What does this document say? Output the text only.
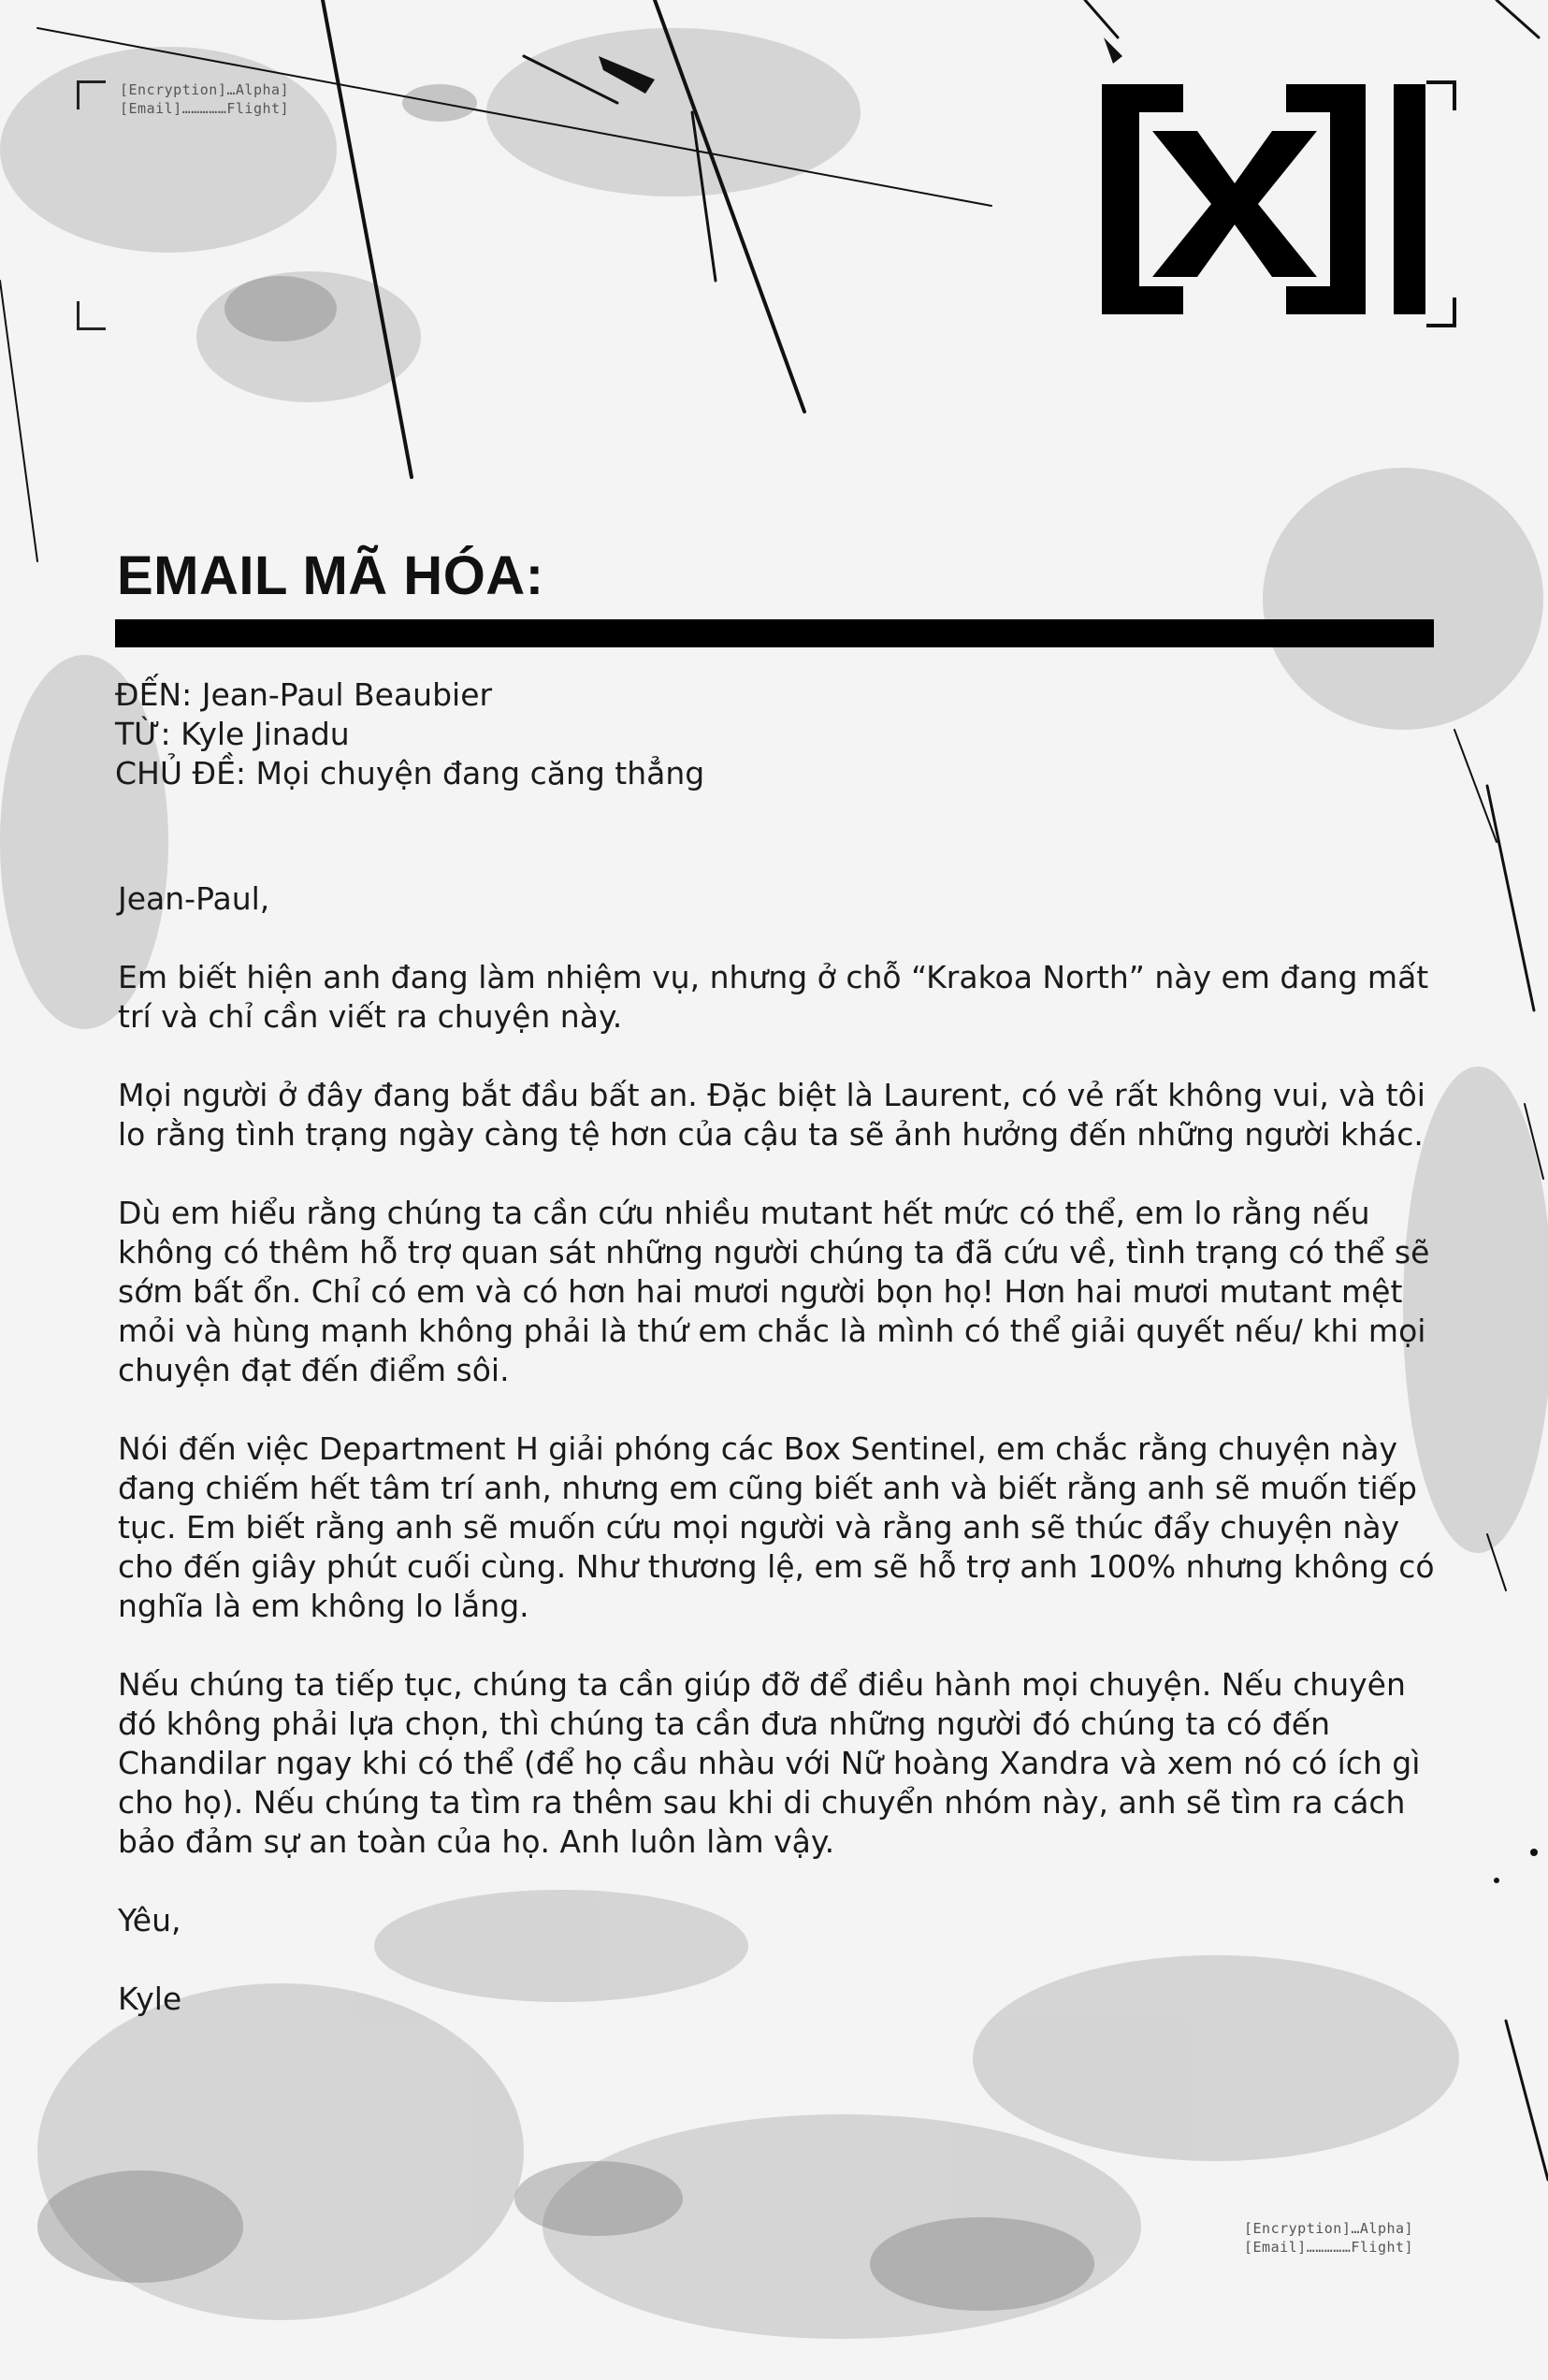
[Encryption]…Alpha]
[Email]……………Flight]
EMAIL MÃ HÓA:
ĐẾN: Jean-Paul Beaubier
TỪ: Kyle Jinadu
CHỦ ĐỀ: Mọi chuyện đang căng thẳng

Jean-Paul,

Em biết hiện anh đang làm nhiệm vụ, nhưng ở chỗ “Krakoa North” này em đang mất trí và chỉ cần viết ra chuyện này.

Mọi người ở đây đang bắt đầu bất an. Đặc biệt là Laurent, có vẻ rất không vui, và tôi lo rằng tình trạng ngày càng tệ hơn của cậu ta sẽ ảnh hưởng đến những người khác.

Dù em hiểu rằng chúng ta cần cứu nhiều mutant hết mức có thể, em lo rằng nếu không có thêm hỗ trợ quan sát những người chúng ta đã cứu về, tình trạng có thể sẽ sớm bất ổn. Chỉ có em và có hơn hai mươi người bọn họ! Hơn hai mươi mutant mệt mỏi và hùng mạnh không phải là thứ em chắc là mình có thể giải quyết nếu/ khi mọi chuyện đạt đến điểm sôi.

Nói đến việc Department H giải phóng các Box Sentinel, em chắc rằng chuyện này đang chiếm hết tâm trí anh, nhưng em cũng biết anh và biết rằng anh sẽ muốn tiếp tục. Em biết rằng anh sẽ muốn cứu mọi người và rằng anh sẽ thúc đẩy chuyện này cho đến giây phút cuối cùng. Như thương lệ, em sẽ hỗ trợ anh 100% nhưng không có nghĩa là em không lo lắng.

Nếu chúng ta tiếp tục, chúng ta cần giúp đỡ để điều hành mọi chuyện. Nếu chuyên đó không phải lựa chọn, thì chúng ta cần đưa những người đó chúng ta có đến Chandilar ngay khi có thể (để họ cầu nhàu với Nữ hoàng Xandra và xem nó có ích gì cho họ). Nếu chúng ta tìm ra thêm sau khi di chuyển nhóm này, anh sẽ tìm ra cách bảo đảm sự an toàn của họ. Anh luôn làm vậy.

Yêu,

Kyle

[Encryption]…Alpha]
[Email]……………Flight]
